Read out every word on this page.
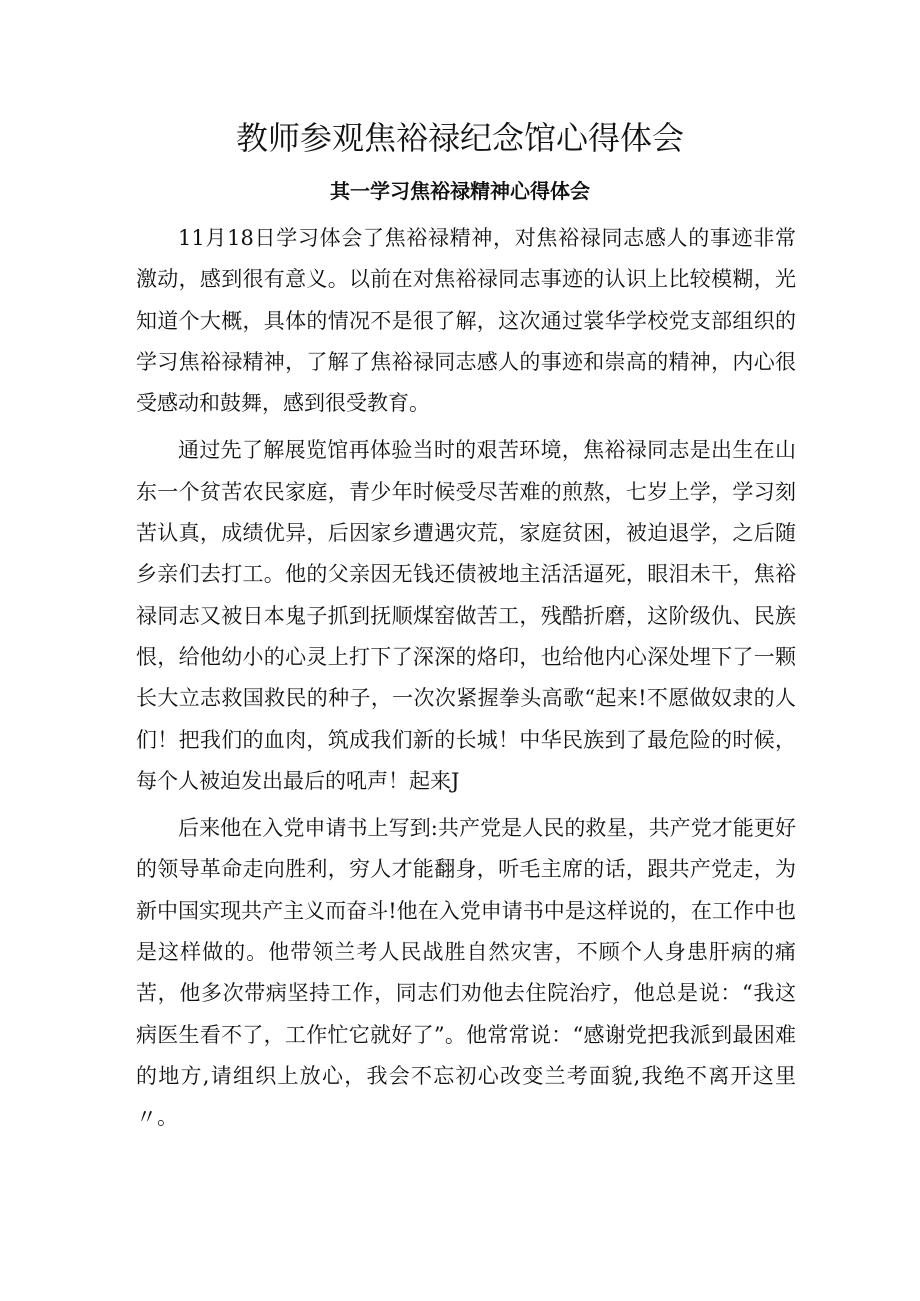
教师参观焦裕禄纪念馆心得体会
其一学习焦裕禄精神心得体会

11月18日学习体会了焦裕禄精神，对焦裕禄同志感人的事迹非常激动，感到很有意义。以前在对焦裕禄同志事迹的认识上比较模糊，光知道个大概，具体的情况不是很了解，这次通过裳华学校党支部组织的学习焦裕禄精神，了解了焦裕禄同志感人的事迹和崇高的精神，内心很受感动和鼓舞，感到很受教育。

通过先了解展览馆再体验当时的艰苦环境，焦裕禄同志是出生在山东一个贫苦农民家庭，青少年时候受尽苦难的煎熬，七岁上学，学习刻苦认真，成绩优异，后因家乡遭遇灾荒，家庭贫困，被迫退学，之后随乡亲们去打工。他的父亲因无钱还债被地主活活逼死，眼泪未干，焦裕禄同志又被日本鬼子抓到抚顺煤窑做苦工，残酷折磨，这阶级仇、民族恨，给他幼小的心灵上打下了深深的烙印，也给他内心深处埋下了一颗长大立志救国救民的种子，一次次紧握拳头高歌“起来!不愿做奴隶的人们！把我们的血肉，筑成我们新的长城！中华民族到了最危险的时候，每个人被迫发出最后的吼声！起来J

后来他在入党申请书上写到:共产党是人民的救星，共产党才能更好的领导革命走向胜利，穷人才能翻身，听毛主席的话，跟共产党走，为新中国实现共产主义而奋斗!他在入党申请书中是这样说的，在工作中也是这样做的。他带领兰考人民战胜自然灾害，不顾个人身患肝病的痛苦，他多次带病坚持工作，同志们劝他去住院治疗，他总是说：“我这病医生看不了，工作忙它就好了”。他常常说：“感谢党把我派到最困难的地方,请组织上放心，我会不忘初心改变兰考面貌,我绝不离开这里〃。
